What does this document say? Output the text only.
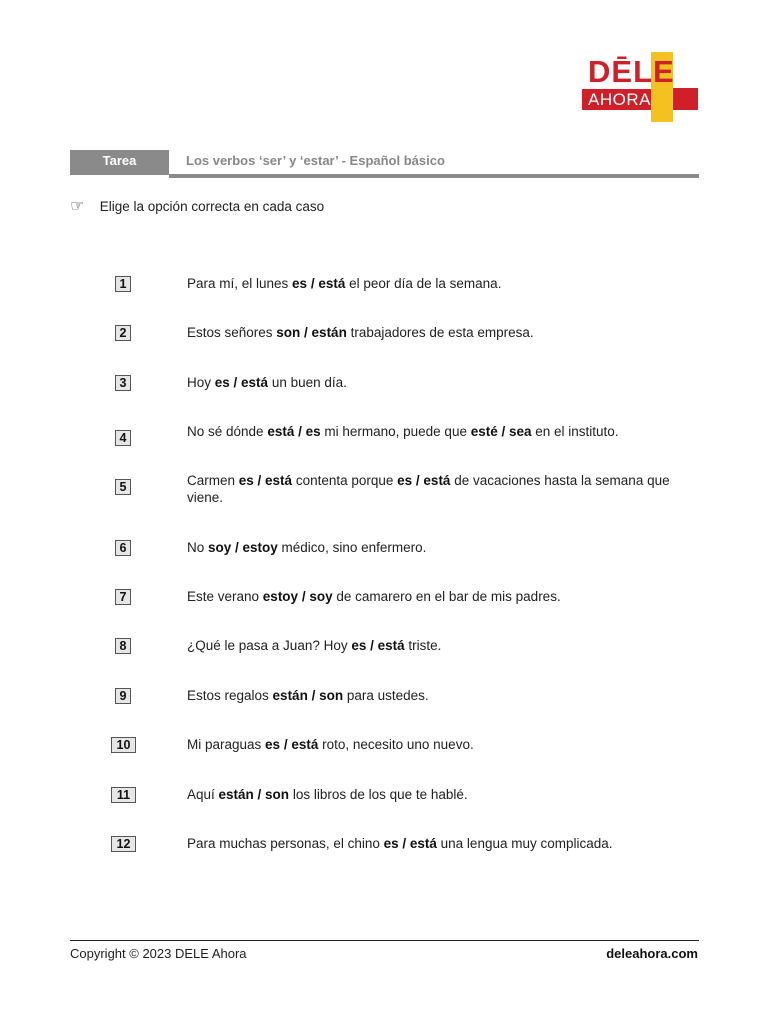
DĒLE
AHORA
Tarea	Los verbos ‘ser’ y ‘estar’ - Español básico
☞ Elige la opción correcta en cada caso
1	Para mí, el lunes es / está el peor día de la semana.
2	Estos señores son / están trabajadores de esta empresa.
3	Hoy es / está un buen día.
4	No sé dónde está / es mi hermano, puede que esté / sea en el instituto.
5	Carmen es / está contenta porque es / está de vacaciones hasta la semana que viene.
6	No soy / estoy médico, sino enfermero.
7	Este verano estoy / soy de camarero en el bar de mis padres.
8	¿Qué le pasa a Juan? Hoy es / está triste.
9	Estos regalos están / son para ustedes.
10	Mi paraguas es / está roto, necesito uno nuevo.
11	Aquí están / son los libros de los que te hablé.
12	Para muchas personas, el chino es / está una lengua muy complicada.
Copyright © 2023 DELE Ahora	deleahora.com
